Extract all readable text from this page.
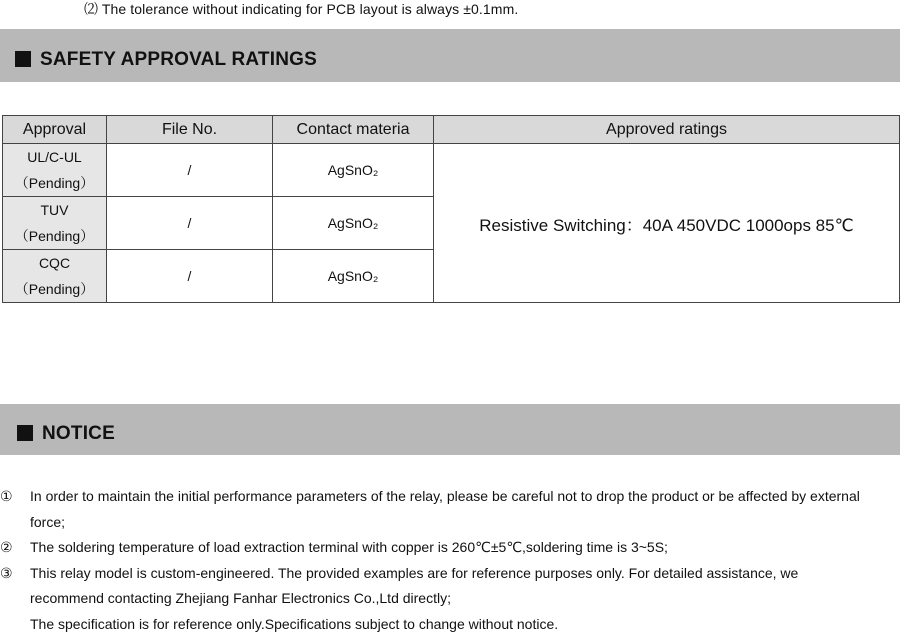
⑵ The tolerance without indicating for PCB layout is always ±0.1mm.
SAFETY APPROVAL RATINGS
Approval	File No.	Contact materia	Approved ratings

UL/C-UL
（Pending）	/	AgSnO₂	Resistive Switching：40A 450VDC 1000ops 85℃

TUV
（Pending）	/	AgSnO₂	

CQC
（Pending）	/	AgSnO₂	
NOTICE
①	In order to maintain the initial performance parameters of the relay, please be careful not to drop the product or be affected by external force;
②	The soldering temperature of load extraction terminal with copper is 260℃±5℃,soldering time is 3~5S;
③	This relay model is custom-engineered. The provided examples are for reference purposes only. For detailed assistance, we recommend contacting Zhejiang Fanhar Electronics Co.,Ltd directly;
The specification is for reference only.Specifications subject to change without notice.
